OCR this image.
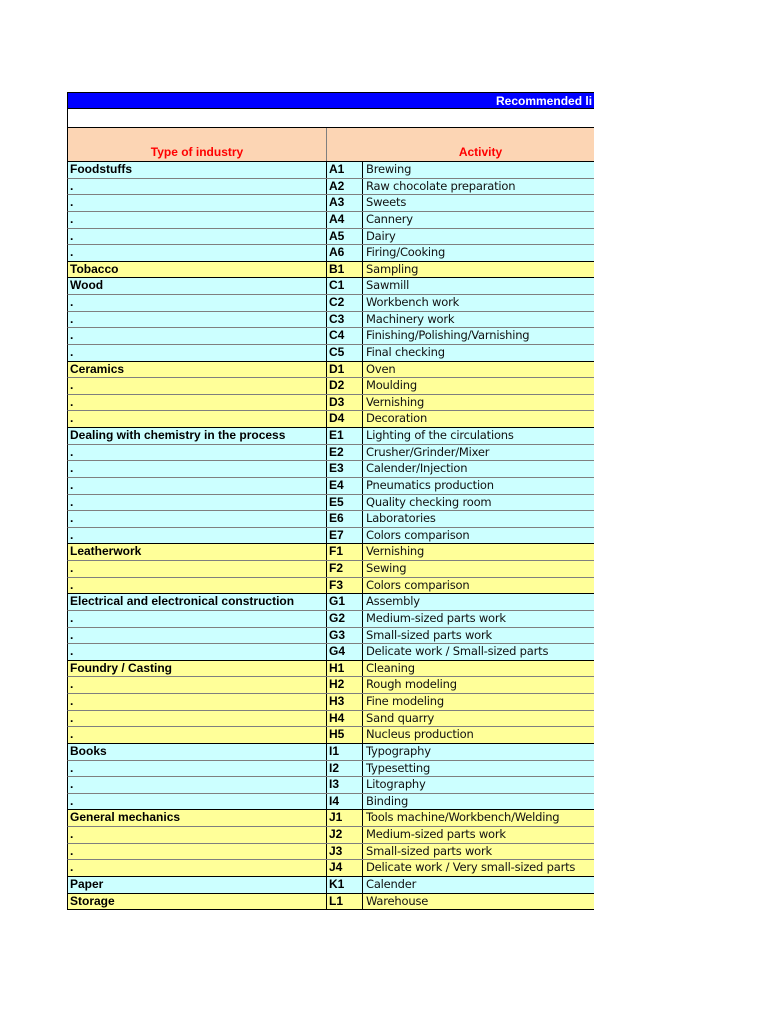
Recommended li
Type of industry	Activity
Foodstuffs	A1	Brewing
.	A2	Raw chocolate preparation
.	A3	Sweets
.	A4	Cannery
.	A5	Dairy
.	A6	Firing/Cooking
Tobacco	B1	Sampling
Wood	C1	Sawmill
.	C2	Workbench work
.	C3	Machinery work
.	C4	Finishing/Polishing/Varnishing
.	C5	Final checking
Ceramics	D1	Oven
.	D2	Moulding
.	D3	Vernishing
.	D4	Decoration
Dealing with chemistry in the process	E1	Lighting of the circulations
.	E2	Crusher/Grinder/Mixer
.	E3	Calender/Injection
.	E4	Pneumatics production
.	E5	Quality checking room
.	E6	Laboratories
.	E7	Colors comparison
Leatherwork	F1	Vernishing
.	F2	Sewing
.	F3	Colors comparison
Electrical and electronical construction	G1	Assembly
.	G2	Medium-sized parts work
.	G3	Small-sized parts work
.	G4	Delicate work / Small-sized parts
Foundry / Casting	H1	Cleaning
.	H2	Rough modeling
.	H3	Fine modeling
.	H4	Sand quarry
.	H5	Nucleus production
Books	I1	Typography
.	I2	Typesetting
.	I3	Litography
.	I4	Binding
General mechanics	J1	Tools machine/Workbench/Welding
.	J2	Medium-sized parts work
.	J3	Small-sized parts work
.	J4	Delicate work / Very small-sized parts
Paper	K1	Calender
Storage	L1	Warehouse
